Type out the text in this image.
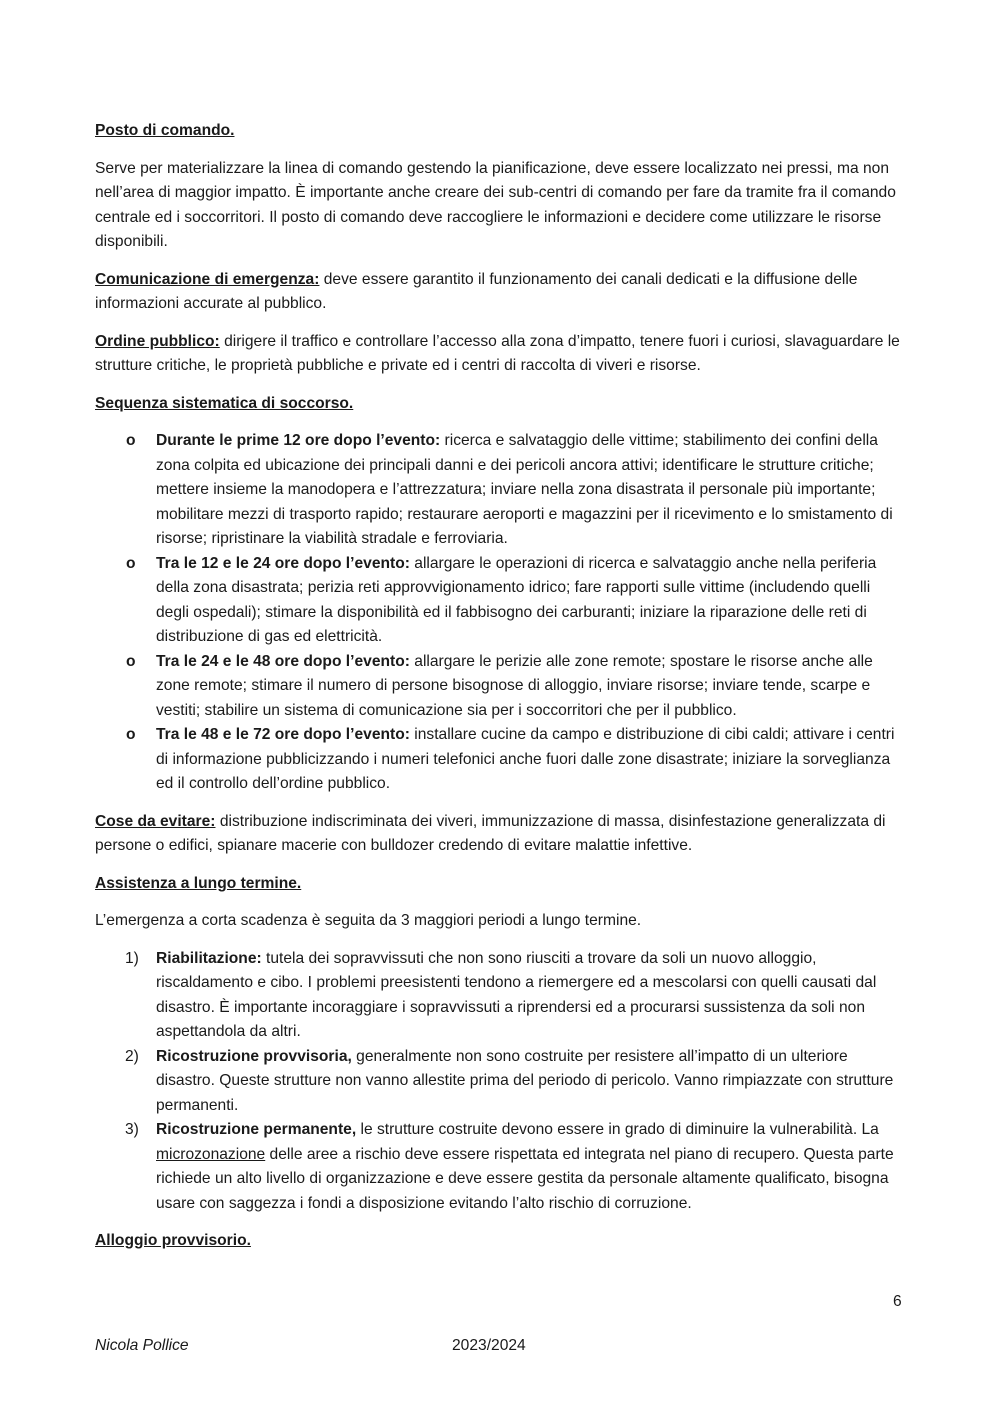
Posto di comando.

Serve per materializzare la linea di comando gestendo la pianificazione, deve essere localizzato nei pressi, ma non nell’area di maggior impatto. È importante anche creare dei sub-centri di comando per fare da tramite fra il comando centrale ed i soccorritori. Il posto di comando deve raccogliere le informazioni e decidere come utilizzare le risorse disponibili.

Comunicazione di emergenza: deve essere garantito il funzionamento dei canali dedicati e la diffusione delle informazioni accurate al pubblico.

Ordine pubblico: dirigere il traffico e controllare l’accesso alla zona d’impatto, tenere fuori i curiosi, slavaguardare le strutture critiche, le proprietà pubbliche e private ed i centri di raccolta di viveri e risorse.

Sequenza sistematica di soccorso.
o Durante le prime 12 ore dopo l’evento: ricerca e salvataggio delle vittime; stabilimento dei confini della zona colpita ed ubicazione dei principali danni e dei pericoli ancora attivi; identificare le strutture critiche; mettere insieme la manodopera e l’attrezzatura; inviare nella zona disastrata il personale più importante; mobilitare mezzi di trasporto rapido; restaurare aeroporti e magazzini per il ricevimento e lo smistamento di risorse; ripristinare la viabilità stradale e ferroviaria.
o Tra le 12 e le 24 ore dopo l’evento: allargare le operazioni di ricerca e salvataggio anche nella periferia della zona disastrata; perizia reti approvvigionamento idrico; fare rapporti sulle vittime (includendo quelli degli ospedali); stimare la disponibilità ed il fabbisogno dei carburanti; iniziare la riparazione delle reti di distribuzione di gas ed elettricità.
o Tra le 24 e le 48 ore dopo l’evento: allargare le perizie alle zone remote; spostare le risorse anche alle zone remote; stimare il numero di persone bisognose di alloggio, inviare risorse; inviare tende, scarpe e vestiti; stabilire un sistema di comunicazione sia per i soccorritori che per il pubblico.
o Tra le 48 e le 72 ore dopo l’evento: installare cucine da campo e distribuzione di cibi caldi; attivare i centri di informazione pubblicizzando i numeri telefonici anche fuori dalle zone disastrate; iniziare la sorveglianza ed il controllo dell’ordine pubblico.

Cose da evitare: distribuzione indiscriminata dei viveri, immunizzazione di massa, disinfestazione generalizzata di persone o edifici, spianare macerie con bulldozer credendo di evitare malattie infettive.

Assistenza a lungo termine.

L’emergenza a corta scadenza è seguita da 3 maggiori periodi a lungo termine.

1) Riabilitazione: tutela dei sopravvissuti che non sono riusciti a trovare da soli un nuovo alloggio, riscaldamento e cibo. I problemi preesistenti tendono a riemergere ed a mescolarsi con quelli causati dal disastro. È importante incoraggiare i sopravvissuti a riprendersi ed a procurarsi sussistenza da soli non aspettandola da altri.
2) Ricostruzione provvisoria, generalmente non sono costruite per resistere all’impatto di un ulteriore disastro. Queste strutture non vanno allestite prima del periodo di pericolo. Vanno rimpiazzate con strutture permanenti.
3) Ricostruzione permanente, le strutture costruite devono essere in grado di diminuire la vulnerabilità. La microzonazione delle aree a rischio deve essere rispettata ed integrata nel piano di recupero. Questa parte richiede un alto livello di organizzazione e deve essere gestita da personale altamente qualificato, bisogna usare con saggezza i fondi a disposizione evitando l’alto rischio di corruzione.
Alloggio provvisorio.
6
Nicola Pollice	2023/2024
